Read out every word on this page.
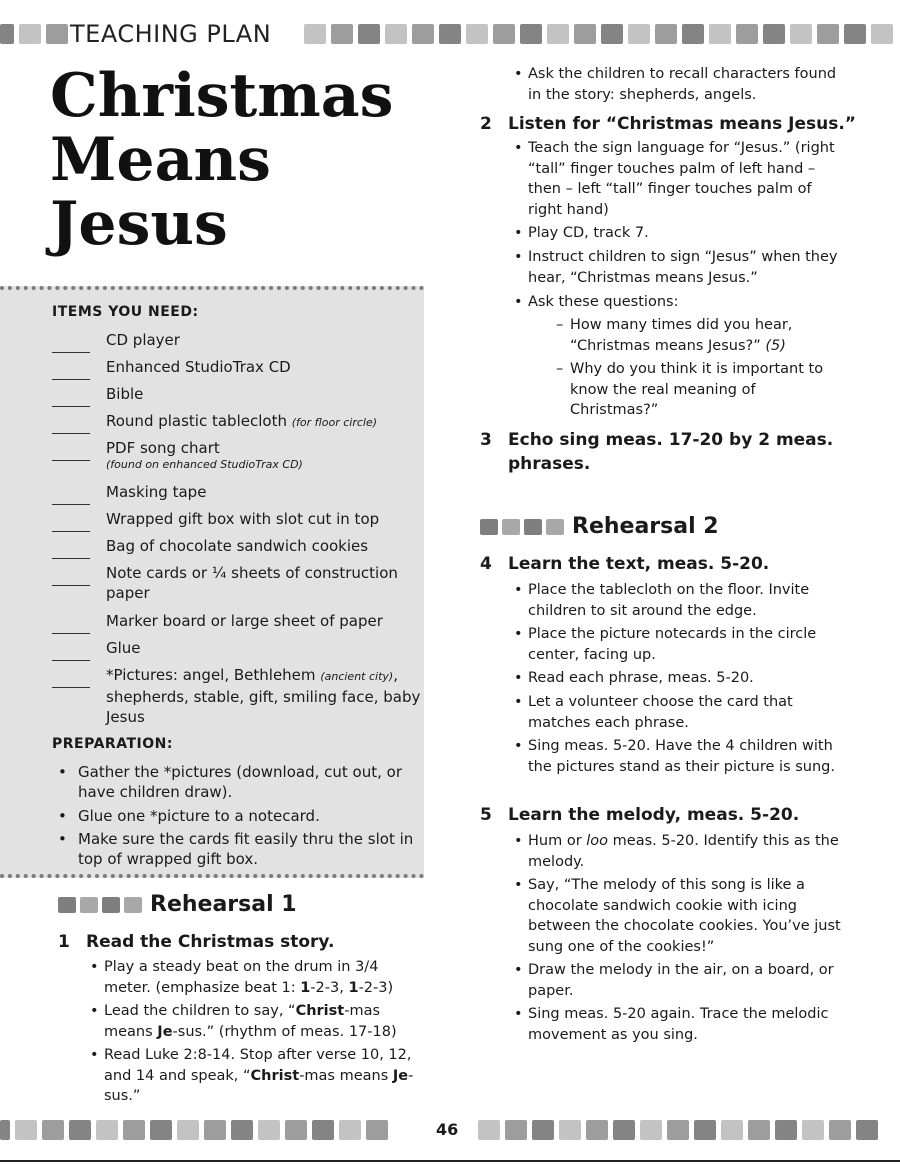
TEACHING PLAN
Christmas
Means
Jesus
ITEMS YOU NEED:
CD player
Enhanced StudioTrax CD
Bible
Round plastic tablecloth (for floor circle)
PDF song chart
(found on enhanced StudioTrax CD)
Masking tape
Wrapped gift box with slot cut in top
Bag of chocolate sandwich cookies
Note cards or ¼ sheets of construction paper
Marker board or large sheet of paper
Glue
*Pictures: angel, Bethlehem (ancient city), shepherds, stable, gift, smiling face, baby Jesus
PREPARATION:
• Gather the *pictures (download, cut out, or have children draw).
• Glue one *picture to a notecard.
• Make sure the cards fit easily thru the slot in top of wrapped gift box.
Rehearsal 1
1 Read the Christmas story.
• Play a steady beat on the drum in 3/4 meter. (emphasize beat 1: 1-2-3, 1-2-3)
• Lead the children to say, “Christ-mas means Je-sus.” (rhythm of meas. 17-18)
• Read Luke 2:8-14. Stop after verse 10, 12, and 14 and speak, “Christ-mas means Je-sus.”
• Ask the children to recall characters found in the story: shepherds, angels.
2 Listen for “Christmas means Jesus.”
• Teach the sign language for “Jesus.” (right “tall” finger touches palm of left hand – then – left “tall” finger touches palm of right hand)
• Play CD, track 7.
• Instruct children to sign “Jesus” when they hear, “Christmas means Jesus.”
• Ask these questions:
– How many times did you hear, “Christmas means Jesus?” (5)
– Why do you think it is important to know the real meaning of Christmas?”
3 Echo sing meas. 17-20 by 2 meas.
phrases.
Rehearsal 2
4 Learn the text, meas. 5-20.
• Place the tablecloth on the floor. Invite children to sit around the edge.
• Place the picture notecards in the circle center, facing up.
• Read each phrase, meas. 5-20.
• Let a volunteer choose the card that matches each phrase.
• Sing meas. 5-20. Have the 4 children with the pictures stand as their picture is sung.
5 Learn the melody, meas. 5-20.
• Hum or loo meas. 5-20. Identify this as the melody.
• Say, “The melody of this song is like a chocolate sandwich cookie with icing between the chocolate cookies. You’ve just sung one of the cookies!”
• Draw the melody in the air, on a board, or paper.
• Sing meas. 5-20 again. Trace the melodic movement as you sing.
46
